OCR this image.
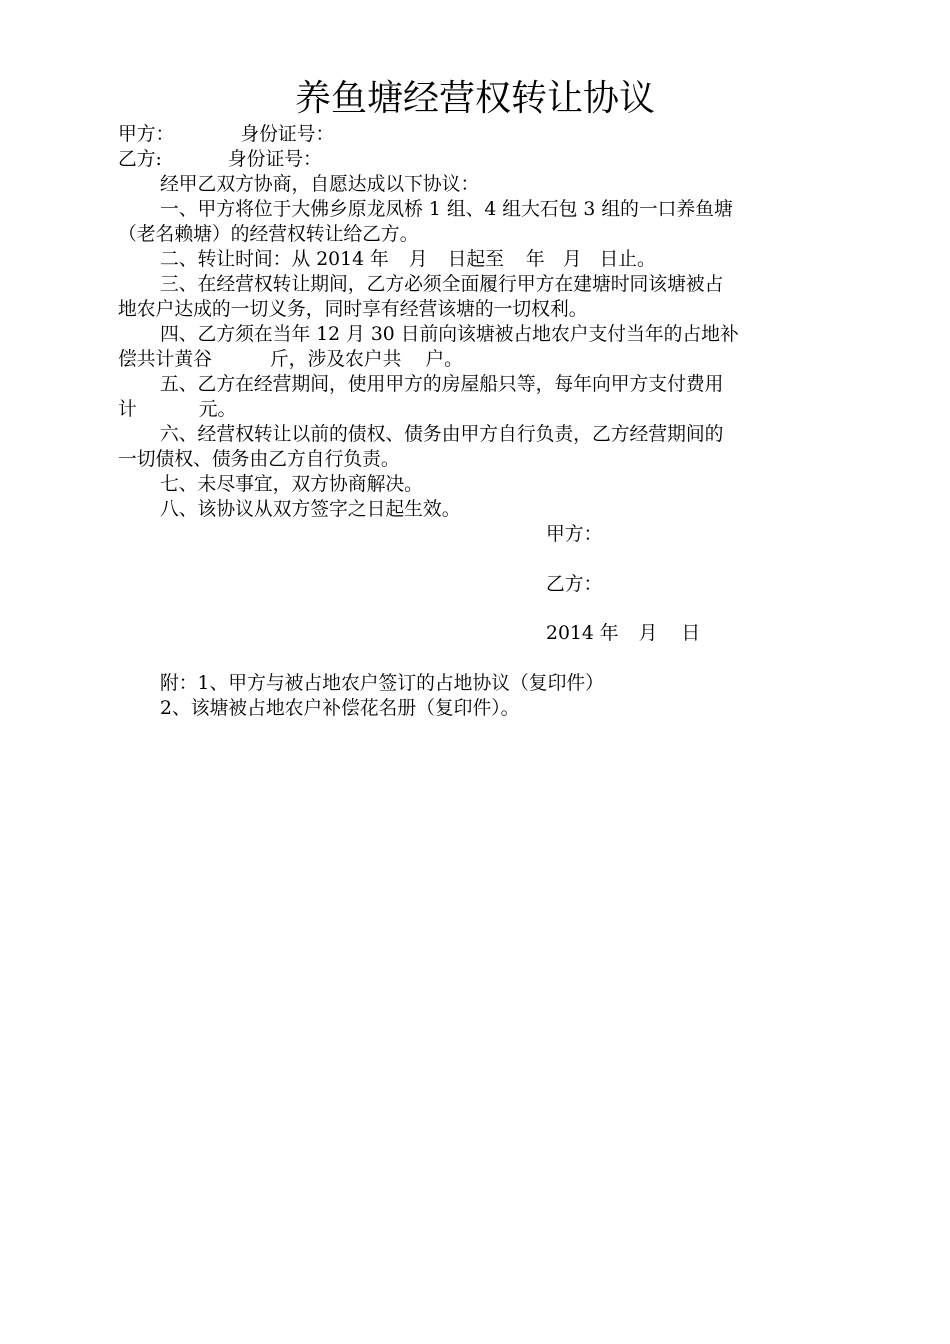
养鱼塘经营权转让协议
甲方：	身份证号：
乙方:	身份证号：
经甲乙双方协商，自愿达成以下协议：
一、甲方将位于大佛乡原龙凤桥 1 组、4 组大石包 3 组的一口养鱼塘
（老名赖塘）的经营权转让给乙方。
二、转让时间：从 2014 年 月 日起至 年 月 日止。
三、在经营权转让期间，乙方必须全面履行甲方在建塘时同该塘被占
地农户达成的一切义务，同时享有经营该塘的一切权利。
四、乙方须在当年 12 月 30 日前向该塘被占地农户支付当年的占地补
偿共计黄谷	斤，涉及农户共 户。
五、乙方在经营期间，使用甲方的房屋船只等，每年向甲方支付费用
计	元。
六、经营权转让以前的债权、债务由甲方自行负责，乙方经营期间的
一切债权、债务由乙方自行负责。
七、未尽事宜，双方协商解决。
八、该协议从双方签字之日起生效。
甲方：
乙方：
2014 年 月 日
附：1、甲方与被占地农户签订的占地协议（复印件）
2、该塘被占地农户补偿花名册（复印件）。
